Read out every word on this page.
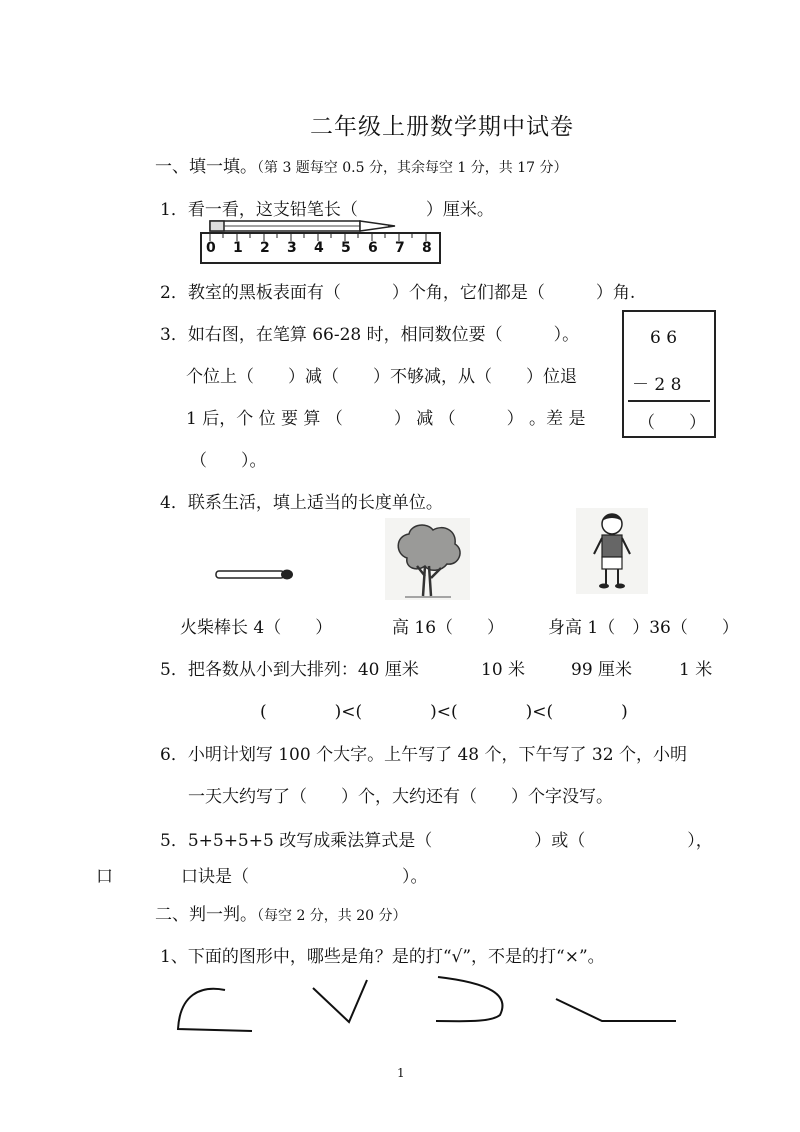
二年级上册数学期中试卷
一、填一填。（第 3 题每空 0.5 分，其余每空 1 分，共 17 分）
1．看一看，这支铅笔长（　　　　）厘米。
0 1 2 3 4 5 6 7 8
2．教室的黑板表面有（　　　）个角，它们都是（　　　）角.
3．如右图，在笔算 66-28 时，相同数位要（　　　）。
个位上（　　）减（　　）不够减，从（　　）位退
1 后，个 位 要 算 （　　　） 减 （　　　） 。差 是
（　　）。
6 6
－ 2 8
（　　）
4．联系生活，填上适当的长度单位。
火柴棒长 4（　　）	高 16（　　）	身高 1（　）36（　　）
5．把各数从小到大排列：40 厘米	10 米	99 厘米	1 米
(　　　　)<(　　　　)<(　　　　)<(　　　　)
6．小明计划写 100 个大字。上午写了 48 个，下午写了 32 个，小明
一天大约写了（　　）个，大约还有（　　）个字没写。
5．5+5+5+5 改写成乘法算式是（　　　　　　）或（　　　　　　），
口	口诀是（　　　　　　　　　）。
二、判一判。（每空 2 分，共 20 分）
1、下面的图形中，哪些是角？是的打“√”，不是的打“×”。
1
